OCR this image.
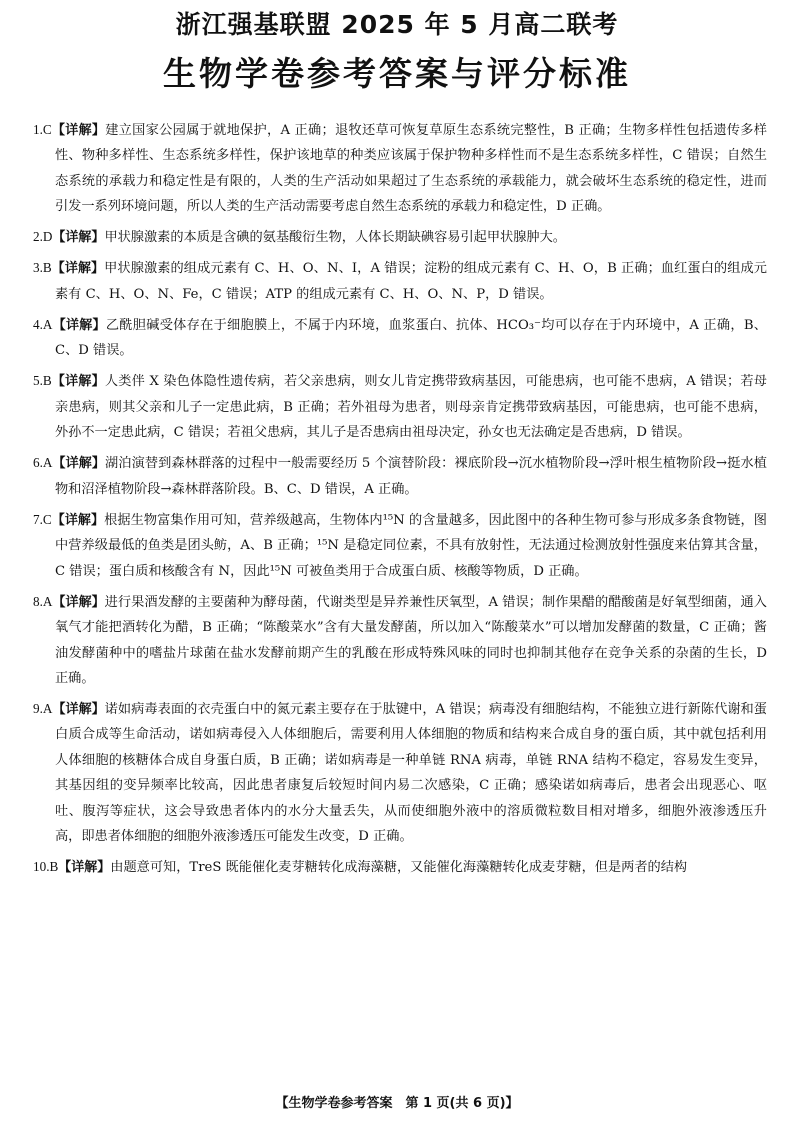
浙江强基联盟 2025 年 5 月高二联考
生物学卷参考答案与评分标准
1.C【详解】建立国家公园属于就地保护，A 正确；退牧还草可恢复草原生态系统完整性，B 正确；生物多样性包括遗传多样性、物种多样性、生态系统多样性，保护该地草的种类应该属于保护物种多样性而不是生态系统多样性，C 错误；自然生态系统的承载力和稳定性是有限的，人类的生产活动如果超过了生态系统的承载能力，就会破坏生态系统的稳定性，进而引发一系列环境问题，所以人类的生产活动需要考虑自然生态系统的承载力和稳定性，D 正确。
2.D【详解】甲状腺激素的本质是含碘的氨基酸衍生物，人体长期缺碘容易引起甲状腺肿大。
3.B【详解】甲状腺激素的组成元素有 C、H、O、N、I，A 错误；淀粉的组成元素有 C、H、O，B 正确；血红蛋白的组成元素有 C、H、O、N、Fe，C 错误；ATP 的组成元素有 C、H、O、N、P，D 错误。
4.A【详解】乙酰胆碱受体存在于细胞膜上，不属于内环境，血浆蛋白、抗体、HCO₃⁻均可以存在于内环境中，A 正确，B、C、D 错误。
5.B【详解】人类伴 X 染色体隐性遗传病，若父亲患病，则女儿肯定携带致病基因，可能患病，也可能不患病，A 错误；若母亲患病，则其父亲和儿子一定患此病，B 正确；若外祖母为患者，则母亲肯定携带致病基因，可能患病，也可能不患病，外孙不一定患此病，C 错误；若祖父患病，其儿子是否患病由祖母决定，孙女也无法确定是否患病，D 错误。
6.A【详解】湖泊演替到森林群落的过程中一般需要经历 5 个演替阶段：裸底阶段→沉水植物阶段→浮叶根生植物阶段→挺水植物和沼泽植物阶段→森林群落阶段。B、C、D 错误，A 正确。
7.C【详解】根据生物富集作用可知，营养级越高，生物体内¹⁵N 的含量越多，因此图中的各种生物可参与形成多条食物链，图中营养级最低的鱼类是团头鲂，A、B 正确；¹⁵N 是稳定同位素，不具有放射性，无法通过检测放射性强度来估算其含量，C 错误；蛋白质和核酸含有 N，因此¹⁵N 可被鱼类用于合成蛋白质、核酸等物质，D 正确。
8.A【详解】进行果酒发酵的主要菌种为酵母菌，代谢类型是异养兼性厌氧型，A 错误；制作果醋的醋酸菌是好氧型细菌，通入氧气才能把酒转化为醋，B 正确；“陈酸菜水”含有大量发酵菌，所以加入“陈酸菜水”可以增加发酵菌的数量，C 正确；酱油发酵菌种中的嗜盐片球菌在盐水发酵前期产生的乳酸在形成特殊风味的同时也抑制其他存在竞争关系的杂菌的生长，D 正确。
9.A【详解】诺如病毒表面的衣壳蛋白中的氮元素主要存在于肽键中，A 错误；病毒没有细胞结构，不能独立进行新陈代谢和蛋白质合成等生命活动，诺如病毒侵入人体细胞后，需要利用人体细胞的物质和结构来合成自身的蛋白质，其中就包括利用人体细胞的核糖体合成自身蛋白质，B 正确；诺如病毒是一种单链 RNA 病毒，单链 RNA 结构不稳定，容易发生变异，其基因组的变异频率比较高，因此患者康复后较短时间内易二次感染，C 正确；感染诺如病毒后，患者会出现恶心、呕吐、腹泻等症状，这会导致患者体内的水分大量丢失，从而使细胞外液中的溶质微粒数目相对增多，细胞外液渗透压升高，即患者体细胞的细胞外液渗透压可能发生改变，D 正确。
10.B【详解】由题意可知，TreS 既能催化麦芽糖转化成海藻糖，又能催化海藻糖转化成麦芽糖，但是两者的结构
【生物学卷参考答案　第 1 页(共 6 页)】
